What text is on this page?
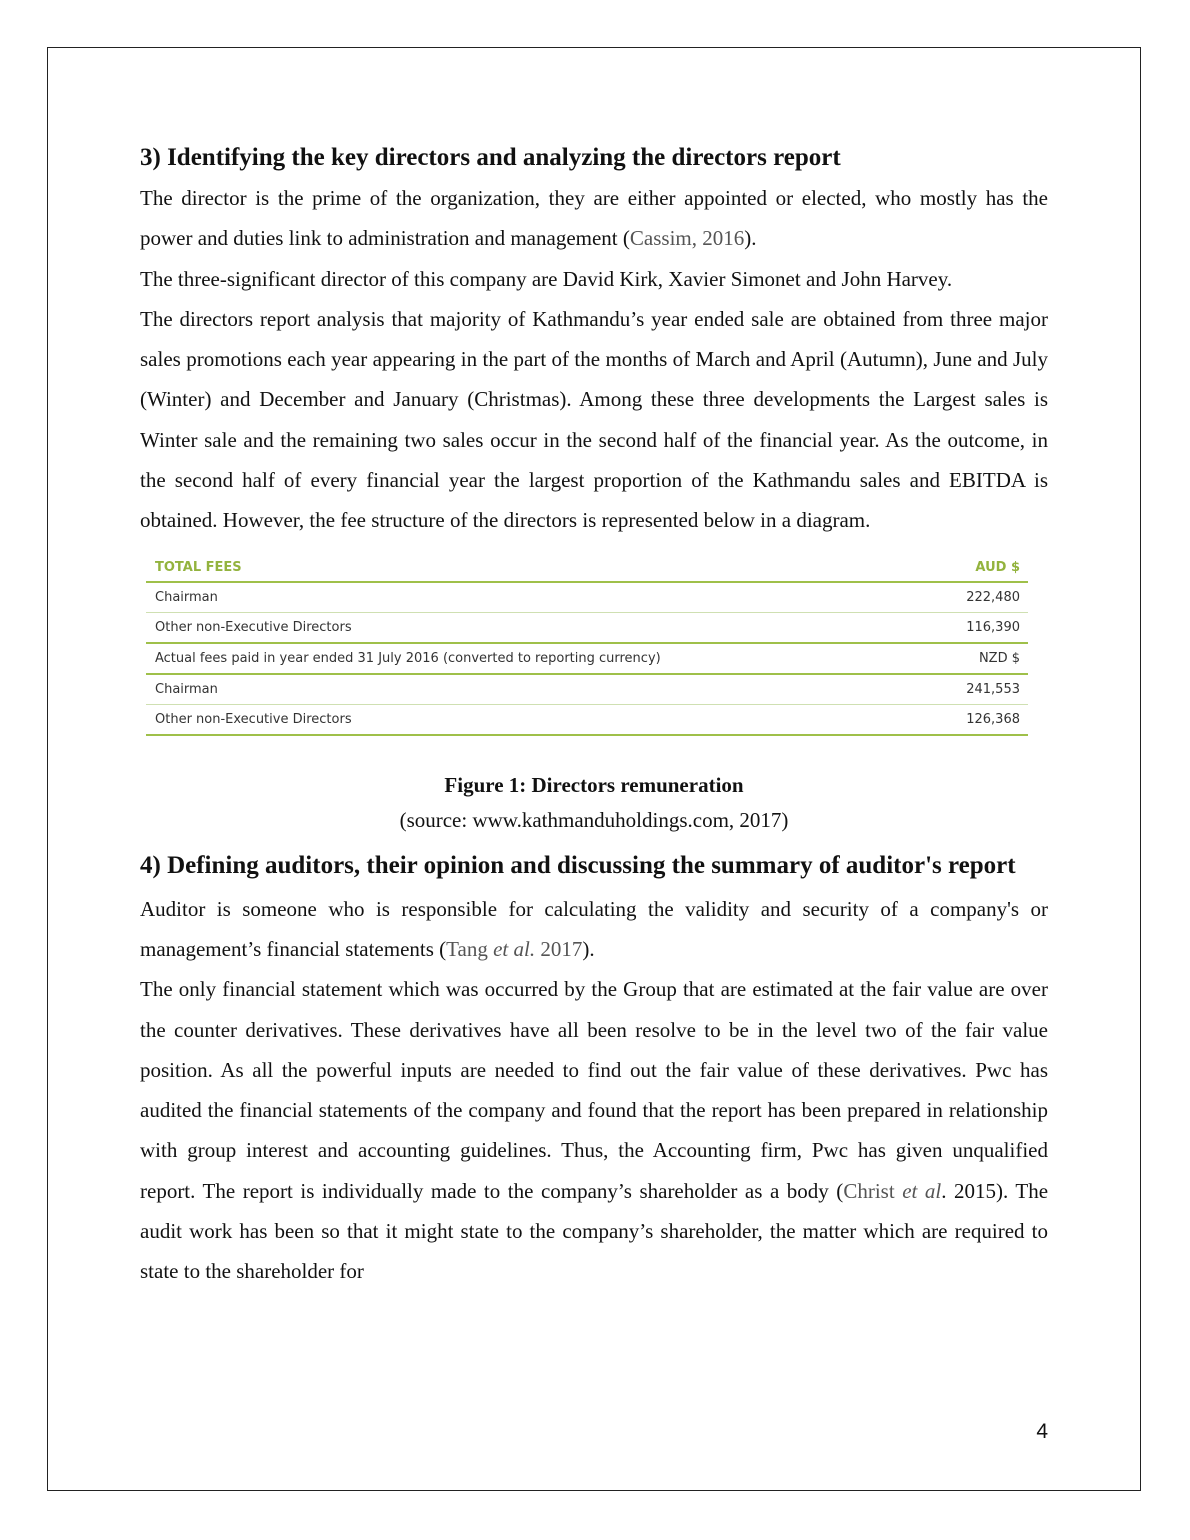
3) Identifying the key directors and analyzing the directors report

The director is the prime of the organization, they are either appointed or elected, who mostly has the power and duties link to administration and management (Cassim, 2016).

The three-significant director of this company are David Kirk, Xavier Simonet and John Harvey.

The directors report analysis that majority of Kathmandu’s year ended sale are obtained from three major sales promotions each year appearing in the part of the months of March and April (Autumn), June and July (Winter) and December and January (Christmas). Among these three developments the Largest sales is Winter sale and the remaining two sales occur in the second half of the financial year. As the outcome, in the second half of every financial year the largest proportion of the Kathmandu sales and EBITDA is obtained. However, the fee structure of the directors is represented below in a diagram.

TOTAL FEES	AUD $
Chairman	222,480
Other non-Executive Directors	116,390
Actual fees paid in year ended 31 July 2016 (converted to reporting currency)	NZD $
Chairman	241,553
Other non-Executive Directors	126,368
Figure 1: Directors remuneration
(source: www.kathmanduholdings.com, 2017)
4) Defining auditors, their opinion and discussing the summary of auditor's report

Auditor is someone who is responsible for calculating the validity and security of a company's or management’s financial statements (Tang et al. 2017).

The only financial statement which was occurred by the Group that are estimated at the fair value are over the counter derivatives. These derivatives have all been resolve to be in the level two of the fair value position. As all the powerful inputs are needed to find out the fair value of these derivatives. Pwc has audited the financial statements of the company and found that the report has been prepared in relationship with group interest and accounting guidelines. Thus, the Accounting firm, Pwc has given unqualified report. The report is individually made to the company’s shareholder as a body (Christ et al. 2015). The audit work has been so that it might state to the company’s shareholder, the matter which are required to state to the shareholder for

4
